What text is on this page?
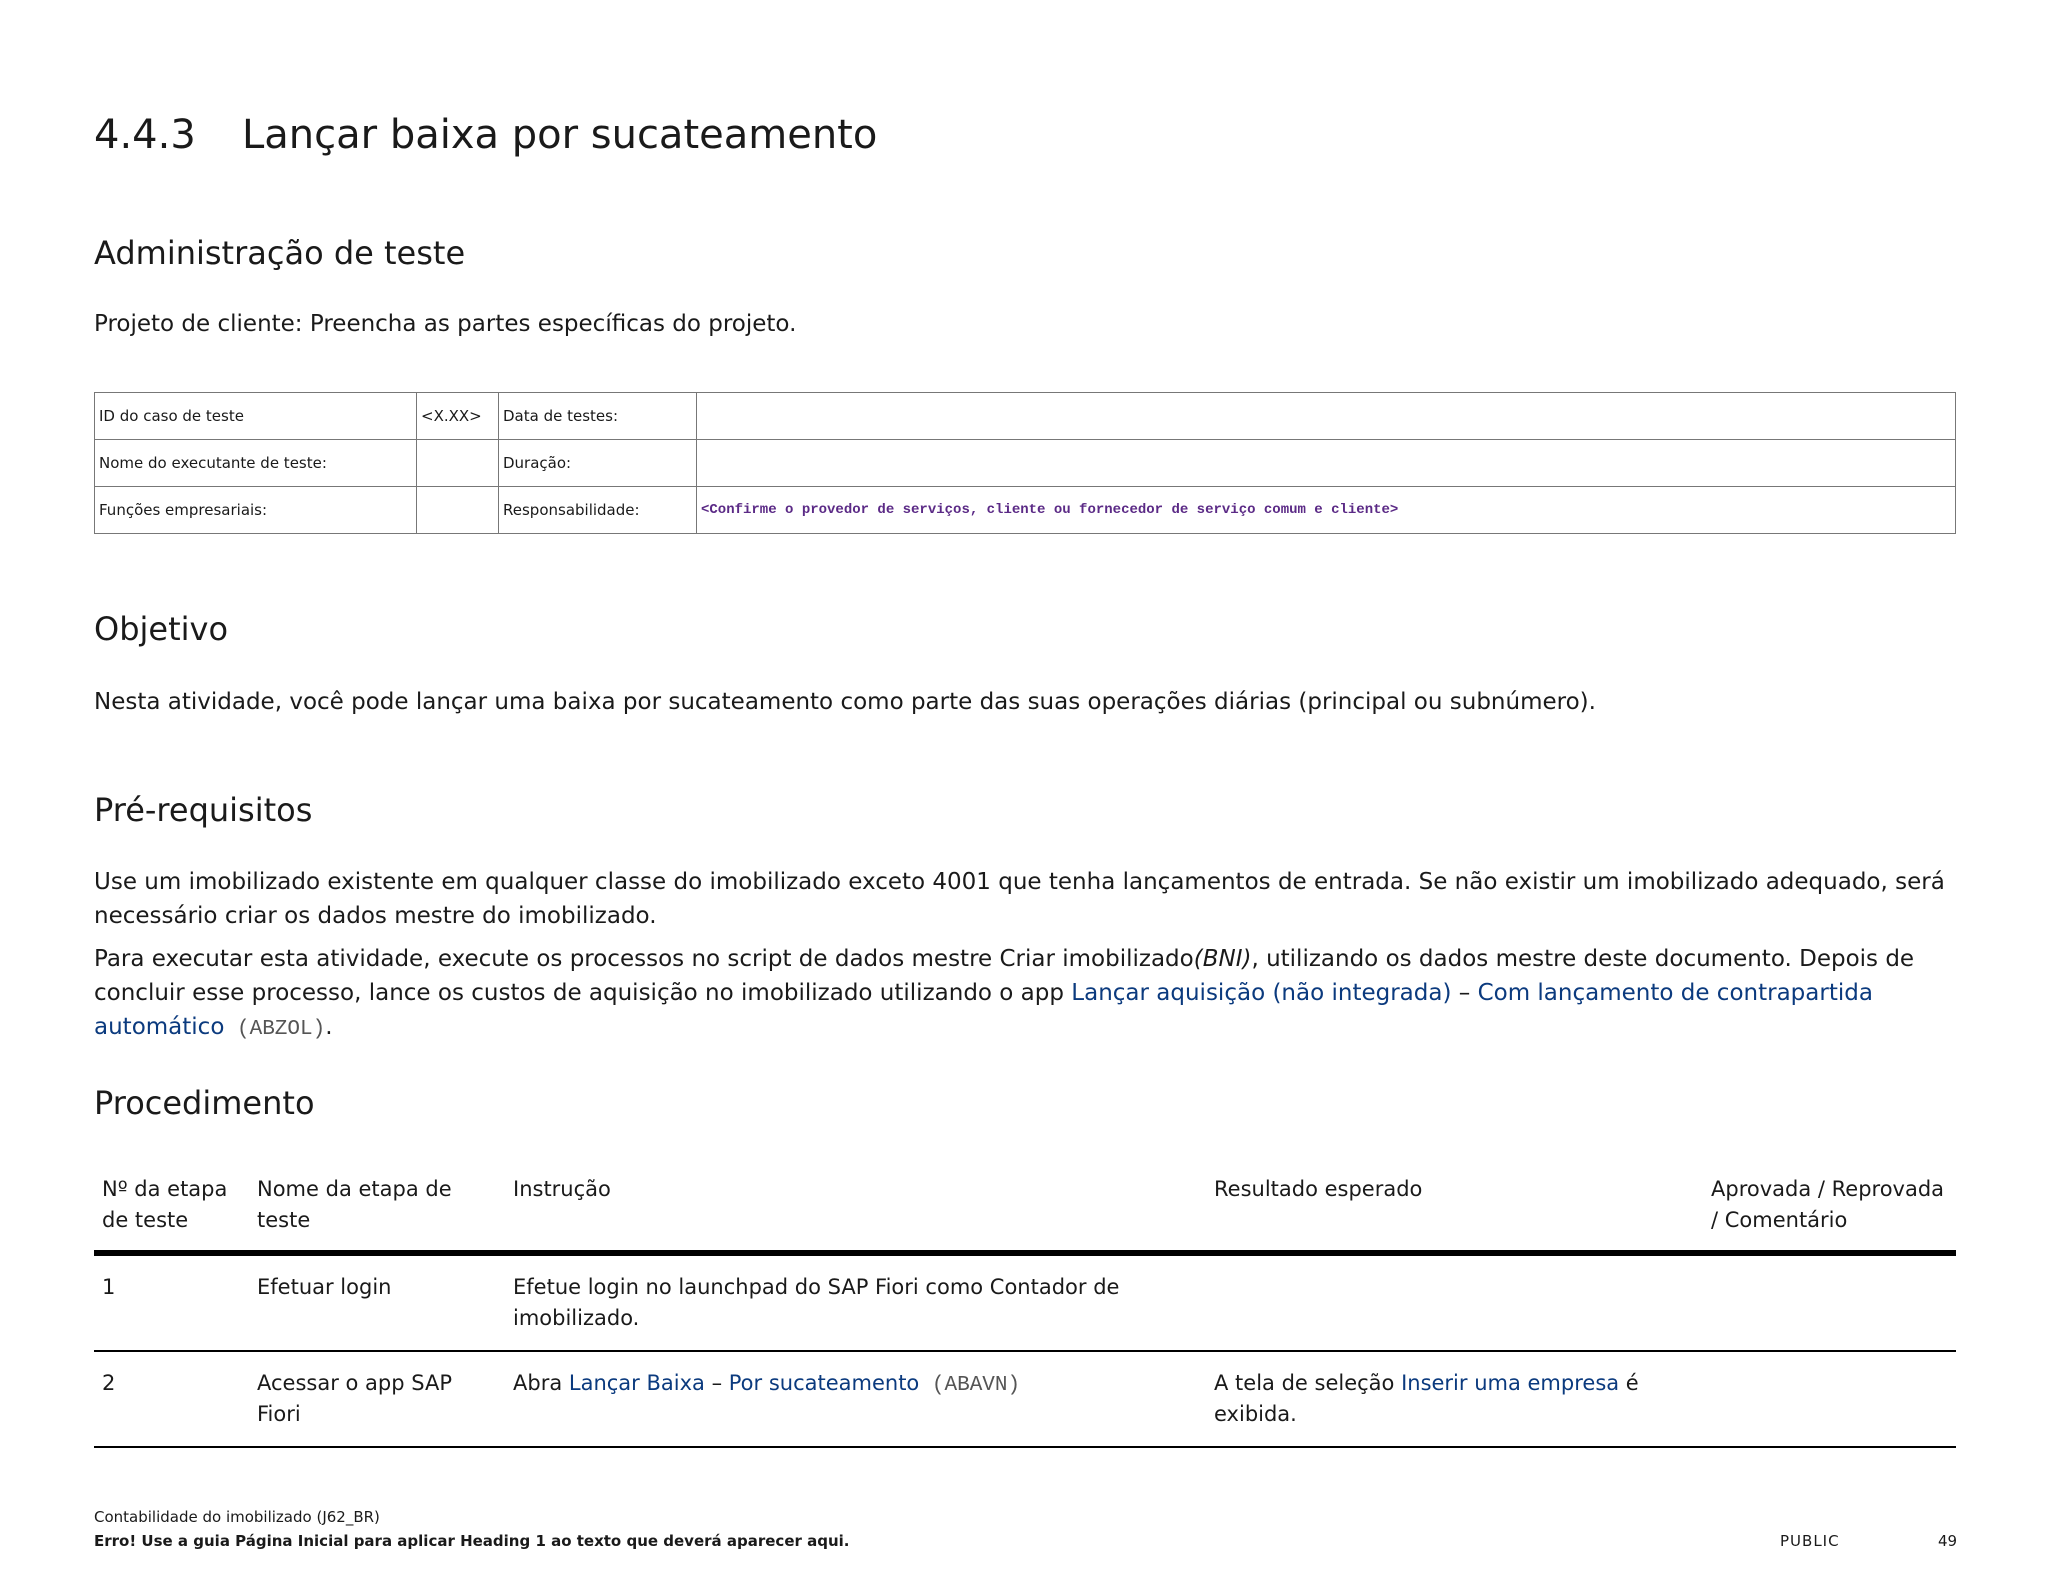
4.4.3 Lançar baixa por sucateamento
Administração de teste

Projeto de cliente: Preencha as partes específicas do projeto.

ID do caso de teste	<X.XX>	Data de testes:	
Nome do executante de teste:		Duração:	
Funções empresariais:		Responsabilidade:	<Confirme o provedor de serviços, cliente ou fornecedor de serviço comum e cliente>
Objetivo

Nesta atividade, você pode lançar uma baixa por sucateamento como parte das suas operações diárias (principal ou subnúmero).

Pré-requisitos

Use um imobilizado existente em qualquer classe do imobilizado exceto 4001 que tenha lançamentos de entrada. Se não existir um imobilizado adequado, será necessário criar os dados mestre do imobilizado.

Para executar esta atividade, execute os processos no script de dados mestre Criar imobilizado(BNI), utilizando os dados mestre deste documento. Depois de concluir esse processo, lance os custos de aquisição no imobilizado utilizando o app Lançar aquisição (não integrada) – Com lançamento de contrapartida automático (ABZOL).

Procedimento
Nº da etapa de teste	Nome da etapa de teste	Instrução	Resultado esperado	Aprovada / Reprovada / Comentário
1	Efetuar login	Efetue login no launchpad do SAP Fiori como Contador de imobilizado.		
2	Acessar o app SAP Fiori	Abra Lançar Baixa – Por sucateamento (ABAVN)	A tela de seleção Inserir uma empresa é exibida.	
Contabilidade do imobilizado (J62_BR)
Erro! Use a guia Página Inicial para aplicar Heading 1 ao texto que deverá aparecer aqui.	PUBLIC	49
